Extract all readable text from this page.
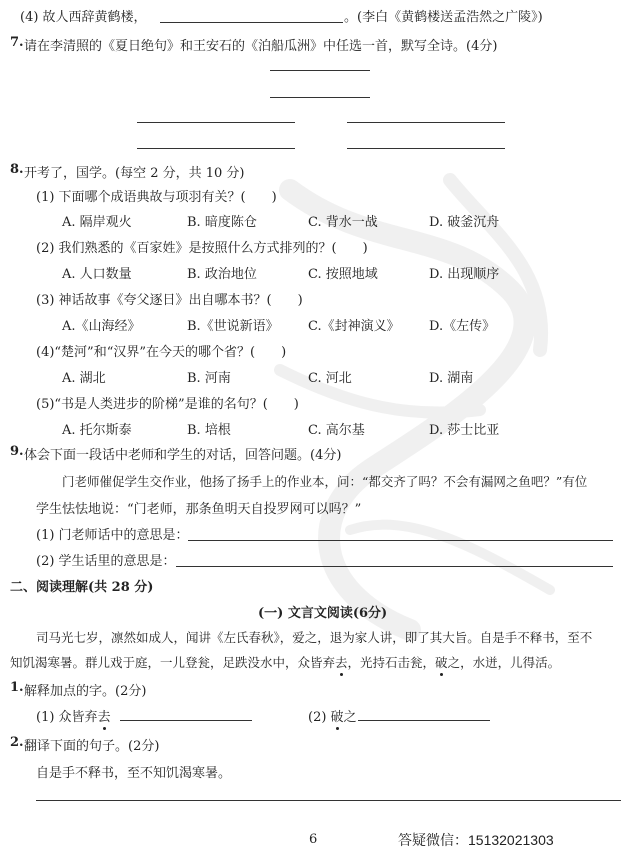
(4) 故人西辞黄鹤楼，	。(李白《黄鹤楼送孟浩然之广陵》)
7. 请在李清照的《夏日绝句》和王安石的《泊船瓜洲》中任选一首，默写全诗。(4分)
8. 开考了，国学。(每空 2 分，共 10 分)
(1) 下面哪个成语典故与项羽有关？(　　)
A. 隔岸观火	B. 暗度陈仓	C. 背水一战	D. 破釜沉舟
(2) 我们熟悉的《百家姓》是按照什么方式排列的？(　　)
A. 人口数量	B. 政治地位	C. 按照地域	D. 出现顺序
(3) 神话故事《夸父逐日》出自哪本书？(　　)
A.《山海经》	B.《世说新语》 C.《封神演义》 D.《左传》
(4)“楚河”和“汉界”在今天的哪个省？(　　)
A. 湖北	B. 河南	C. 河北	D. 湖南
(5)“书是人类进步的阶梯”是谁的名句？(　　)
A. 托尔斯泰	B. 培根	C. 高尔基	D. 莎士比亚
9. 体会下面一段话中老师和学生的对话，回答问题。(4分)
门老师催促学生交作业，他扬了扬手上的作业本，问：“都交齐了吗？不会有漏网之鱼吧？”有位
学生怯怯地说：“门老师，那条鱼明天自投罗网可以吗？”
(1) 门老师话中的意思是：
(2) 学生话里的意思是：
二、阅读理解(共 28 分)
(一) 文言文阅读(6分)
司马光七岁，凛然如成人，闻讲《左氏春秋》，爱之，退为家人讲，即了其大旨。自是手不释书，至不
知饥渴寒暑。群儿戏于庭，一儿登瓮，足跌没水中，众皆弃去，光持石击瓮，破之，水迸，儿得活。
1. 解释加点的字。(2分)
(1) 众皆弃去	(2) 破之
2. 翻译下面的句子。(2分)
自是手不释书，至不知饥渴寒暑。
6	答疑微信：15132021303
